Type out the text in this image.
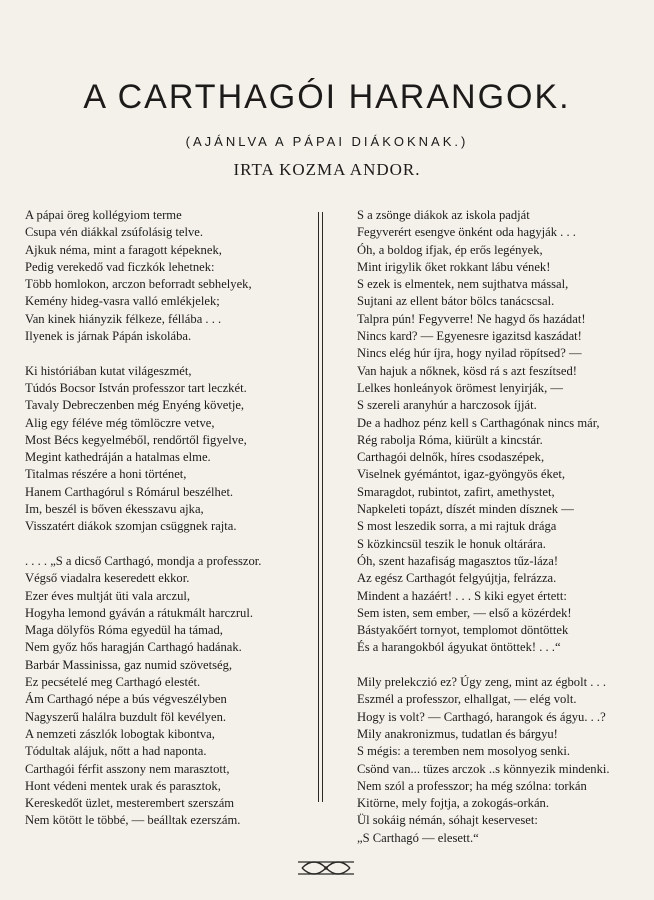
A CARTHAGÓI HARANGOK.
(AJÁNLVA A PÁPAI DIÁKOKNAK.)
IRTA KOZMA ANDOR.
A pápai öreg kollégyiom terme
Csupa vén diákkal zsúfolásig telve.
Ajkuk néma, mint a faragott képeknek,
Pedig verekedő vad ficzkók lehetnek:
Több homlokon, arczon beforradt sebhelyek,
Kemény hideg-vasra valló emlékjelek;
Van kinek hiányzik félkeze, féllába . . .
Ilyenek is járnak Pápán iskolába.
Ki históriában kutat világeszmét,
Túdós Bocsor István professzor tart leczkét.
Tavaly Debreczenben még Enyéng követje,
Alig egy féléve még tömlöczre vetve,
Most Bécs kegyelméből, rendőrtől figyelve,
Megint kathedráján a hatalmas elme.
Titalmas részére a honi történet,
Hanem Carthagórul s Rómárul beszélhet.
Im, beszél is bőven ékesszavu ajka,
Visszatért diákok szomjan csüggnek rajta.
. . . . „S a dicső Carthagó, mondja a professzor.
Végső viadalra keseredett ekkor.
Ezer éves multját üti vala arczul,
Hogyha lemond gyáván a rátukmált harczrul.
Maga dölyfös Róma egyedül ha támad,
Nem győz hős haragján Carthagó hadának.
Barbár Massinissa, gaz numid szövetség,
Ez pecsételé meg Carthagó elestét.
Ám Carthagó népe a bús végveszélyben
Nagyszerű halálra buzdult föl kevélyen.
A nemzeti zászlók lobogtak kibontva,
Tódultak alájuk, nőtt a had naponta.
Carthagói férfit asszony nem marasztott,
Hont védeni mentek urak és parasztok,
Kereskedőt üzlet, mesterembert szerszám
Nem kötött le többé, — beálltak ezerszám.
S a zsönge diákok az iskola padját
Fegyverért esengve önként oda hagyják . . .
Óh, a boldog ifjak, ép erős legények,
Mint irigylik őket rokkant lábu vének!
S ezek is elmentek, nem sujthatva mással,
Sujtani az ellent bátor bölcs tanácscsal.
Talpra pún! Fegyverre! Ne hagyd ős hazádat!
Nincs kard? — Egyenesre igazitsd kaszádat!
Nincs elég húr íjra, hogy nyilad röpítsed? —
Van hajuk a nőknek, kösd rá s azt feszítsed!
Lelkes honleányok örömest lenyirják, —
S szereli aranyhúr a harczosok íjját.
De a hadhoz pénz kell s Carthagónak nincs már,
Rég rabolja Róma, kiürült a kincstár.
Carthagói delnők, híres csodaszépek,
Viselnek gyémántot, igaz-gyöngyös éket,
Smaragdot, rubintot, zafirt, amethystet,
Napkeleti topázt, díszét minden dísznek —
S most leszedik sorra, a mi rajtuk drága
S közkincsül teszik le honuk oltárára.
Óh, szent hazafiság magasztos tűz-láza!
Az egész Carthagót felgyújtja, felrázza.
Mindent a hazáért! . . . S kiki egyet értett:
Sem isten, sem ember, — első a közérdek!
Bástyakőért tornyot, templomot döntöttek
És a harangokból ágyukat öntöttek! . . .“
Mily prelekczió ez? Úgy zeng, mint az égbolt . . .
Eszmél a professzor, elhallgat, — elég volt.
Hogy is volt? — Carthagó, harangok és ágyu. . .?
Mily anakronizmus, tudatlan és bárgyu!
S mégis: a teremben nem mosolyog senki.
Csönd van... tüzes arczok ..s könnyezik mindenki.
Nem szól a professzor; ha még szólna: torkán
Kitörne, mely fojtja, a zokogás-orkán.
Ül sokáig némán, sóhajt keserveset:
„S Carthagó — elesett.“
